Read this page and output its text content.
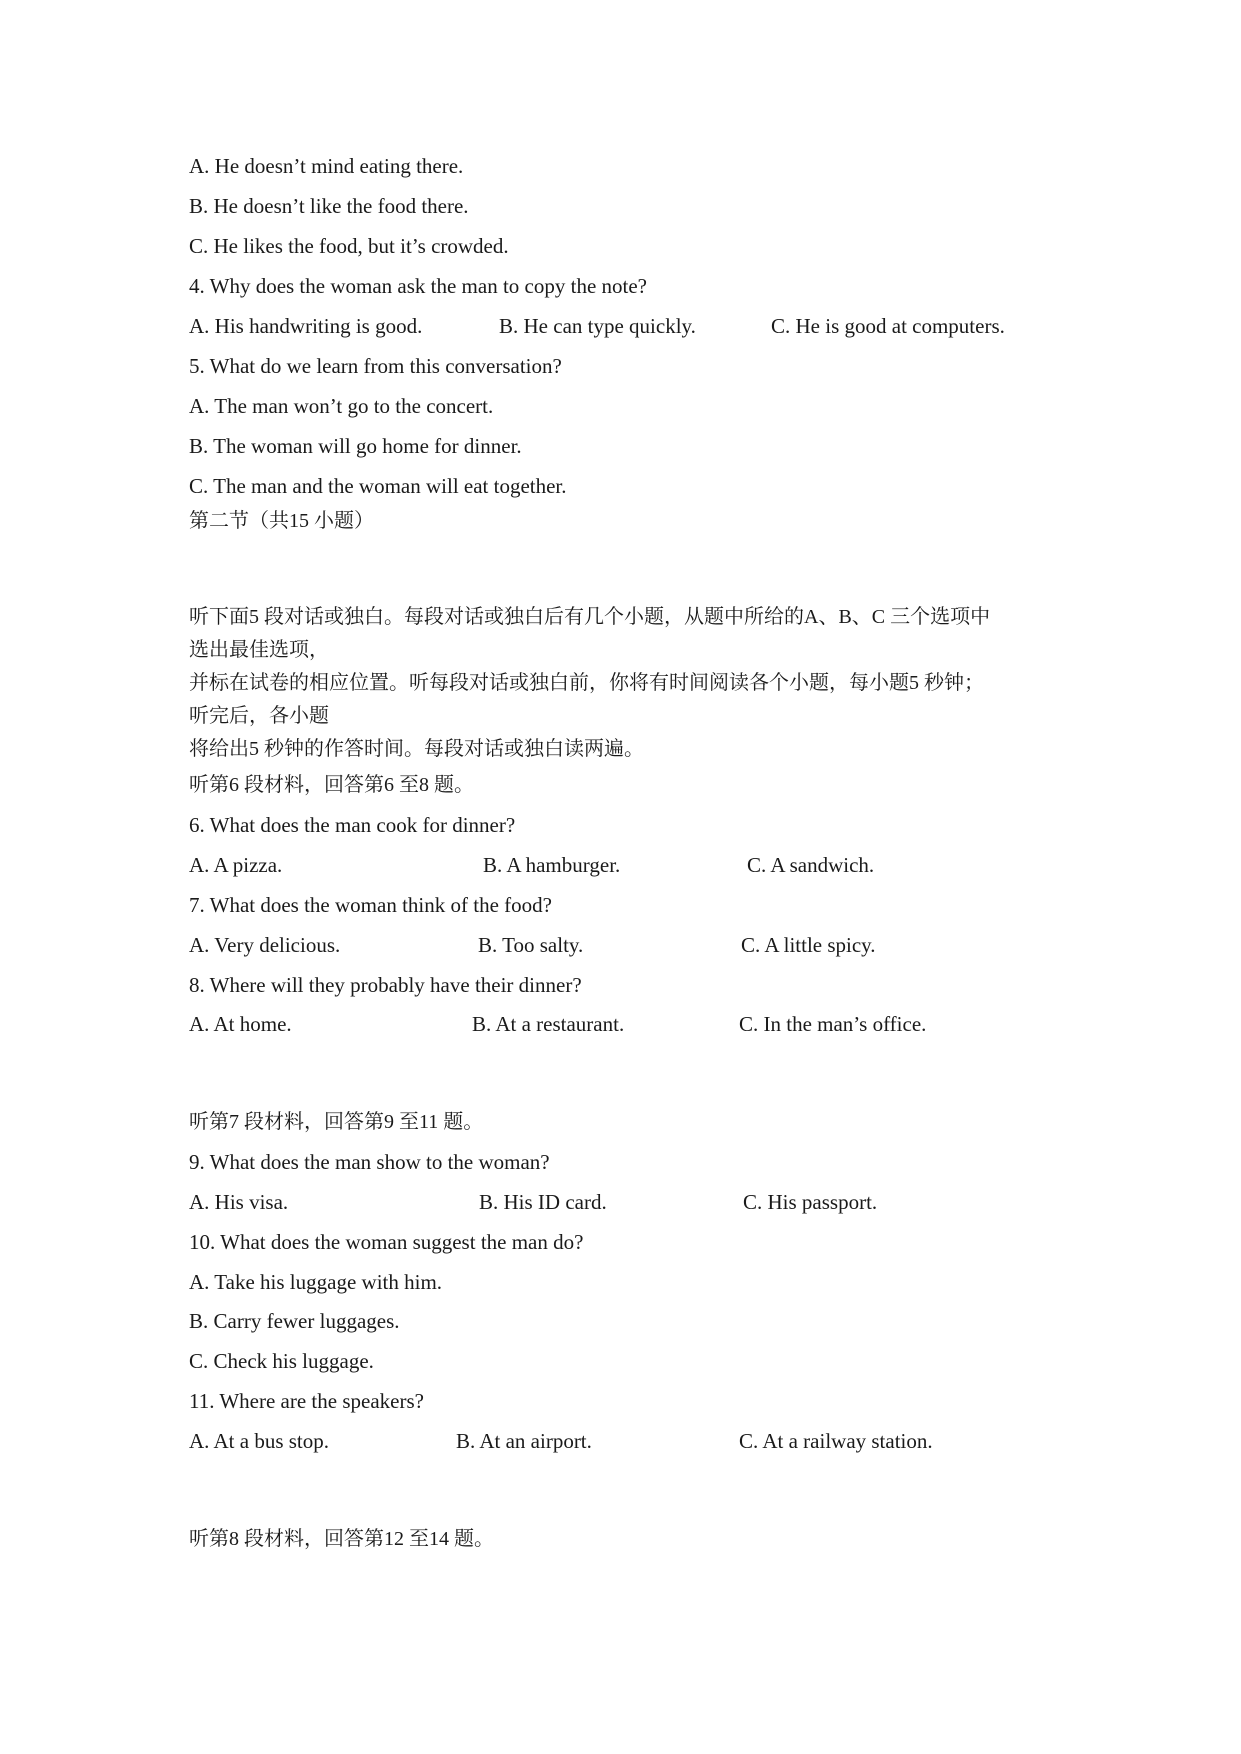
A. He doesn’t mind eating there.
B. He doesn’t like the food there.
C. He likes the food, but it’s crowded.
4. Why does the woman ask the man to copy the note?
A. His handwriting is good.	B. He can type quickly.	C. He is good at computers.
5. What do we learn from this conversation?
A. The man won’t go to the concert.
B. The woman will go home for dinner.
C. The man and the woman will eat together.
第二节（共15 小题）
听下面5 段对话或独白。每段对话或独白后有几个小题，从题中所给的A、B、C 三个选项中
选出最佳选项，
并标在试卷的相应位置。听每段对话或独白前，你将有时间阅读各个小题，每小题5 秒钟；
听完后，各小题
将给出5 秒钟的作答时间。每段对话或独白读两遍。
听第6 段材料，回答第6 至8 题。
6. What does the man cook for dinner?
A. A pizza.	B. A hamburger.	C. A sandwich.
7. What does the woman think of the food?
A. Very delicious.	B. Too salty.	C. A little spicy.
8. Where will they probably have their dinner?
A. At home.	B. At a restaurant.	C. In the man’s office.
听第7 段材料，回答第9 至11 题。
9. What does the man show to the woman?
A. His visa.	B. His ID card.	C. His passport.
10. What does the woman suggest the man do?
A. Take his luggage with him.
B. Carry fewer luggages.
C. Check his luggage.
11. Where are the speakers?
A. At a bus stop.	B. At an airport.	C. At a railway station.
听第8 段材料，回答第12 至14 题。
